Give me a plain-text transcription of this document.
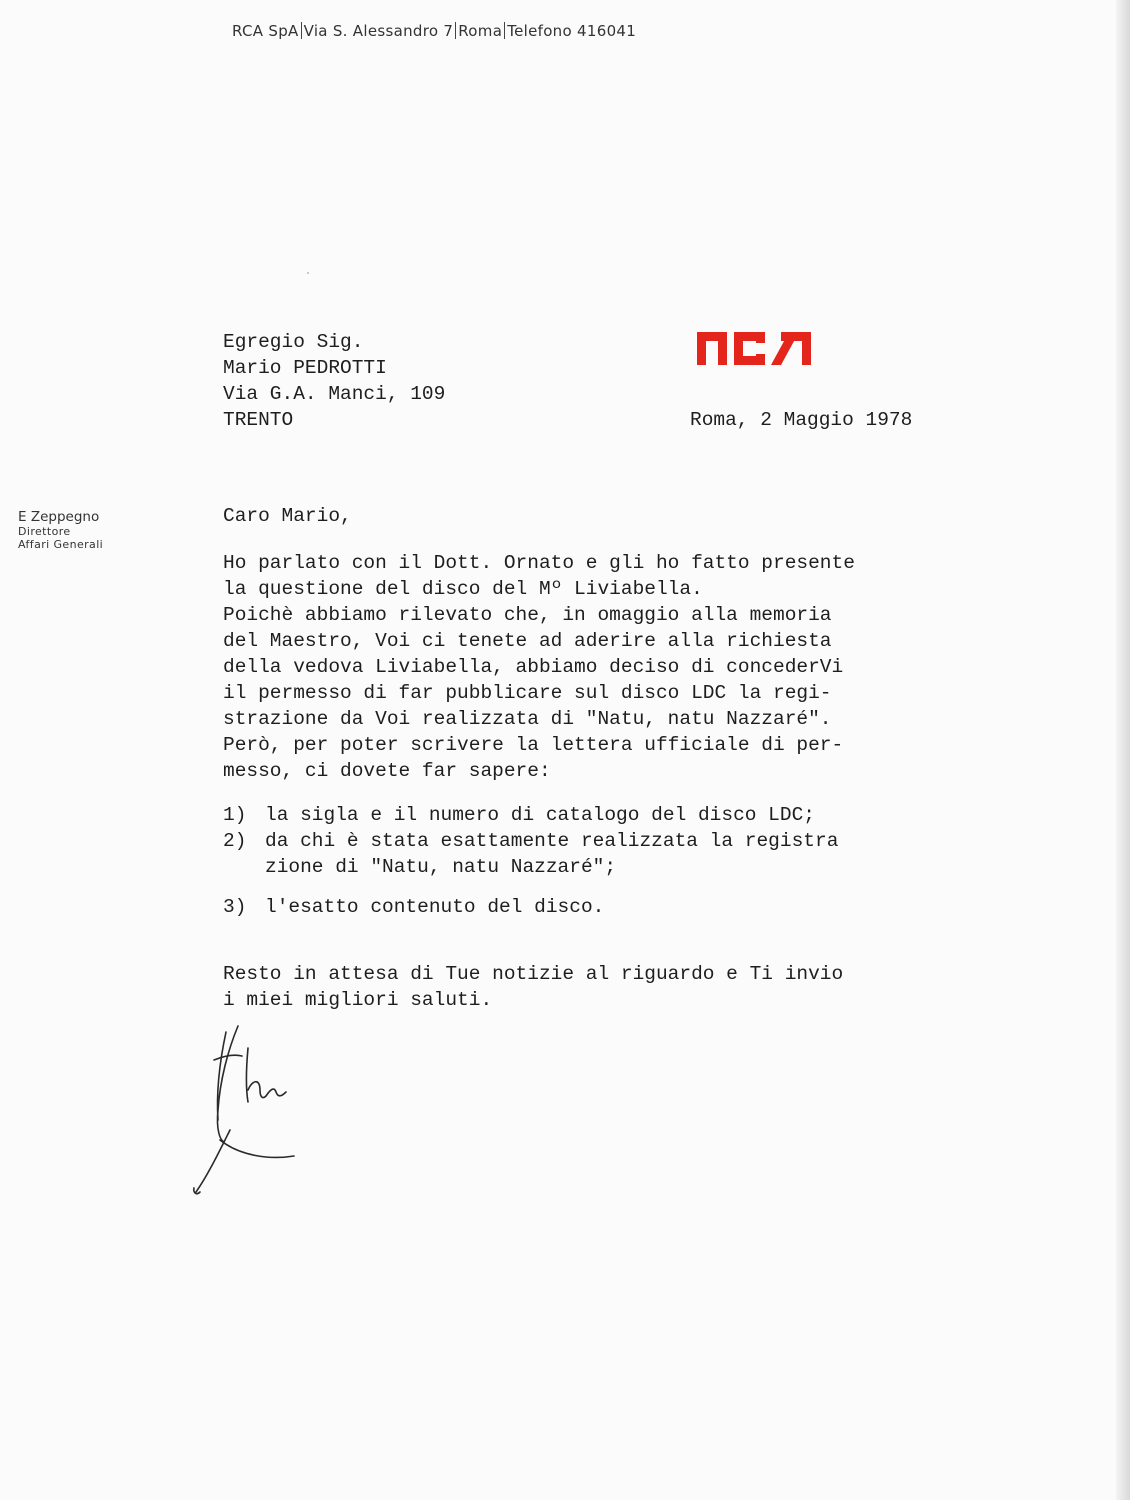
RCA SpA Via S. Alessandro 7 Roma Telefono 416041
Egregio Sig.
Mario PEDROTTI
Via G.A. Manci, 109
TRENTO	Roma, 2 Maggio 1978
E Zeppegno
Direttore
Affari Generali
Caro Mario,
Ho parlato con il Dott. Ornato e gli ho fatto presente
la questione del disco del Mº Liviabella.
Poichè abbiamo rilevato che, in omaggio alla memoria
del Maestro, Voi ci tenete ad aderire alla richiesta
della vedova Liviabella, abbiamo deciso di concederVi
il permesso di far pubblicare sul disco LDC la regi-
strazione da Voi realizzata di "Natu, natu Nazzaré".
Però, per poter scrivere la lettera ufficiale di per-
messo, ci dovete far sapere:
1) la sigla e il numero di catalogo del disco LDC;
2) da chi è stata esattamente realizzata la registra
zione di "Natu, natu Nazzaré";
3) l'esatto contenuto del disco.
Resto in attesa di Tue notizie al riguardo e Ti invio
i miei migliori saluti.
